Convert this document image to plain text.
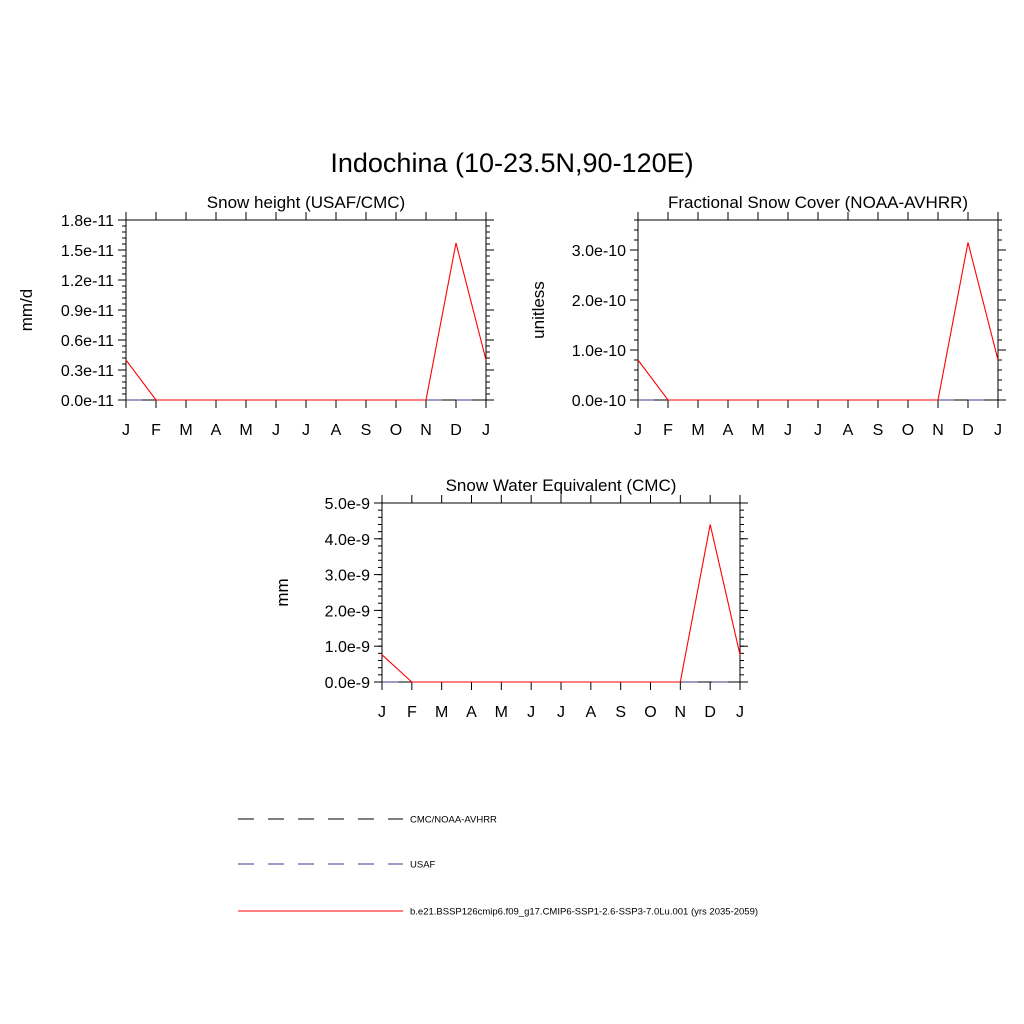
Indochina (10-23.5N,90-120E)
Snow height (USAF/CMC)
J F M A M J J A S O N D J
0.0e-11
0.3e-11
0.6e-11
0.9e-11
1.2e-11
1.5e-11
1.8e-11
mm/d
Fractional Snow Cover (NOAA-AVHRR)
J F M A M J J A S O N D J
0.0e-10
1.0e-10
2.0e-10
3.0e-10
unitless
Snow Water Equivalent (CMC)
J F M A M J J A S O N D J
0.0e-9
1.0e-9
2.0e-9
3.0e-9
4.0e-9
5.0e-9
mm
CMC/NOAA-AVHRR
USAF
b.e21.BSSP126cmip6.f09_g17.CMIP6-SSP1-2.6-SSP3-7.0Lu.001 (yrs 2035-2059)
